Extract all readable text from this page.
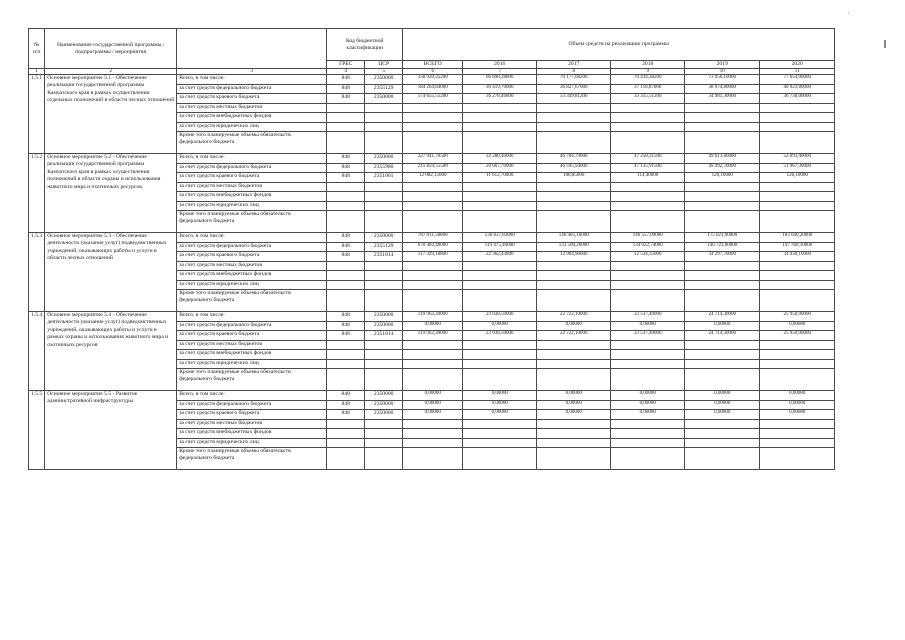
'
№ п/п	Наименование государственной программы / подпрограммы / мероприятия		Код бюджетной классификации		Объем средств на реализацию программы					
			ГРБС	ЦСР	ВСЕГО	2016	2017	2018	2019	2020
1	2	3	4	5	6	7	8	9	10	11
1.5.1	Основное мероприятие 5.1 - Обеспечение реализации государственной программы Камчатского края в рамках осуществления отдельных полномочий в области лесных отношений	Всего, в том числе:	848	2350000	358 920,35200	66 698,28800	70 177,68200	70 434,38200	73 956,10000	77 654,00000
		за счет средств федерального бюджета	848	2355129	184 264,84000	30 419,70000	36 827,67000	37 118,87000	38 974,80000	40 923,80000
		за счет средств краевого бюджета	848	2350000	174 655,51200	36 278,46800	33 349,81200	33 315,51200	34 981,30000	36 730,00000
		за счет средств местных бюджетов								
		за счет средств внебюджетных фондов								
		за счет средств юридических лиц								
		Кроме того планируемые объемы обязательств федерального бюджета								
1.5.2	Основное мероприятие 5.2 - Обеспечение реализации государственной программы Камчатского края в рамках осуществления полномочий в области охраны и использования животного мира и охотничьих ресурсов	Всего, в том числе:	848	2350000	227 941,70500	32 280,40000	46 704,79000	47 250,31500	49 613,80000	52 093,40000
		за счет средств федерального бюджета	848	2355980	215 859,55500	20 667,70000	46 595,94000	47 135,91500	49 492,70000	51 967,30000
		за счет средств краевого бюджета	848	2351001	12 082,15000	11 612,70000	108,85000	114,40000	120,10000	126,10000
		за счет средств местных бюджетов								
		за счет средств внебюджетных фондов								
		за счет средств юридических лиц								
		Кроме того планируемые объемы обязательств федерального бюджета								
1.5.3	Основное мероприятие 5.3 - Обеспечение деятельности (оказание услуг) подведомственных учреждений, оказывающих работы и услуги в области лесных отношений	Всего, в том числе:	848	2350000	787 811,58800	136 837,83800	146 405,16000	146 557,09000	175 021,90000	183 040,20000
		за счет средств федерального бюджета	848	2355129	670 482,40000	114 475,40000	133 500,26000	134 022,74000	140 723,00000	147 760,10000
		за счет средств краевого бюджета	848	2351014	117 329,18800	22 362,43800	12 904,90000	12 534,35000	34 297,70000	34 930,10000
		за счет средств местных бюджетов								
		за счет средств внебюджетных фондов								
		за счет средств юридических лиц								
		Кроме того планируемые объемы обязательств федерального бюджета								
1.5.4	Основное мероприятие 5.4 - Обеспечение деятельности (оказание услуг) подведомственных учреждений, оказывающих работы и услуги в рамках охраны и использования животного мира и охотничьих ресурсов	Всего, в том числе:	848	2350000	119 962,30000	23 038,50000	22 722,10000	23 537,40000	24 714,30000	25 950,00000
		за счет средств федерального бюджета	848	2350000	0,00000	0,00000	0,00000	0,00000	0,00000	0,00000
		за счет средств краевого бюджета	848	2351014	119 962,30000	23 038,50000	22 722,10000	23 537,40000	24 714,30000	25 950,00000
		за счет средств местных бюджетов								
		за счет средств внебюджетных фондов								
		за счет средств юридических лиц								
		Кроме того планируемые объемы обязательств федерального бюджета								
1.5.5	Основное мероприятие 5.5 - Развитие административной инфраструктуры	Всего, в том числе:	848	2350000	0,00000	0,00000	0,00000	0,00000	0,00000	0,00000
		за счет средств федерального бюджета	848	2350000	0,00000	0,00000	0,00000	0,00000	0,00000	0,00000
		за счет средств краевого бюджета	848	2350000	0,00000	0,00000	0,00000	0,00000	0,00000	0,00000
		за счет средств местных бюджетов								
		за счет средств внебюджетных фондов								
		за счет средств юридических лиц								
		Кроме того планируемые объемы обязательств федерального бюджета								
